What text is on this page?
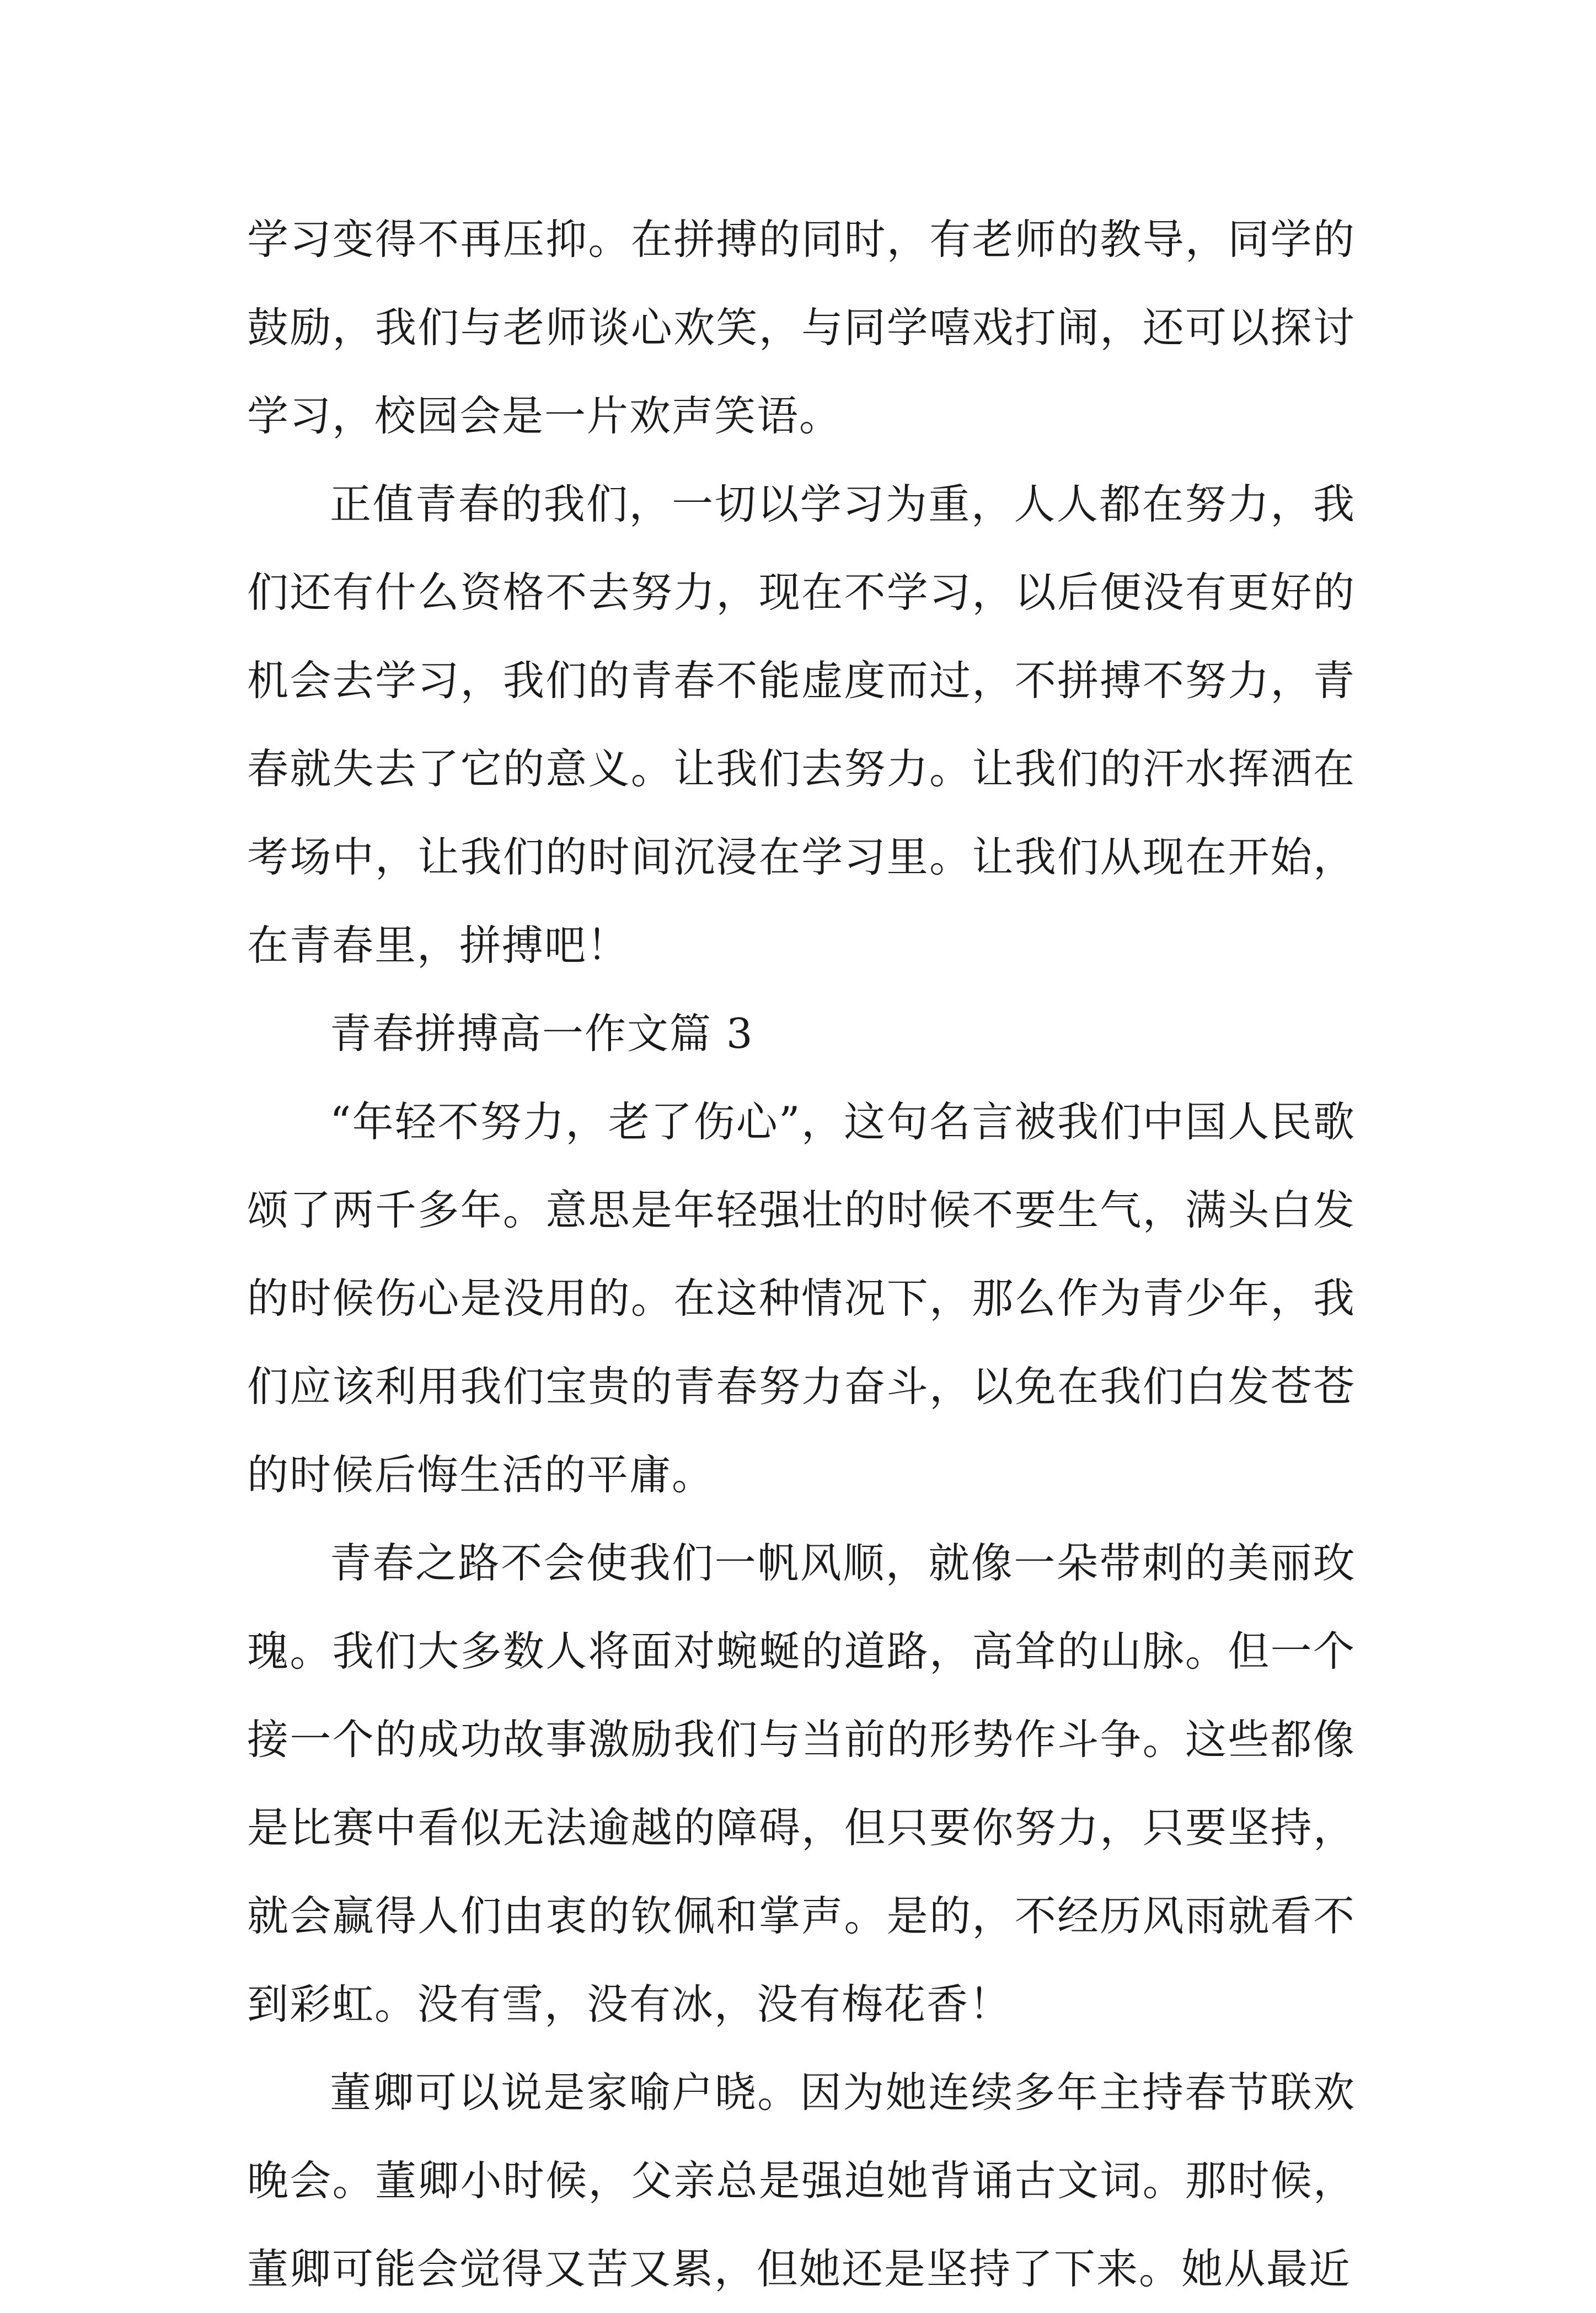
学习变得不再压抑。在拼搏的同时，有老师的教导，同学的鼓励，我们与老师谈心欢笑，与同学嘻戏打闹，还可以探讨学习，校园会是一片欢声笑语。

正值青春的我们，一切以学习为重，人人都在努力，我们还有什么资格不去努力，现在不学习，以后便没有更好的机会去学习，我们的青春不能虚度而过，不拼搏不努力，青春就失去了它的意义。让我们去努力。让我们的汗水挥洒在考场中，让我们的时间沉浸在学习里。让我们从现在开始，在青春里，拼搏吧！

青春拼搏高一作文篇 3

“年轻不努力，老了伤心”，这句名言被我们中国人民歌颂了两千多年。意思是年轻强壮的时候不要生气，满头白发的时候伤心是没用的。在这种情况下，那么作为青少年，我们应该利用我们宝贵的青春努力奋斗，以免在我们白发苍苍的时候后悔生活的平庸。

青春之路不会使我们一帆风顺，就像一朵带刺的美丽玫瑰。我们大多数人将面对蜿蜒的道路，高耸的山脉。但一个接一个的成功故事激励我们与当前的形势作斗争。这些都像是比赛中看似无法逾越的障碍，但只要你努力，只要坚持，就会赢得人们由衷的钦佩和掌声。是的，不经历风雨就看不到彩虹。没有雪，没有冰，没有梅花香！

董卿可以说是家喻户晓。因为她连续多年主持春节联欢晚会。董卿小时候，父亲总是强迫她背诵古文词。那时候，董卿可能会觉得又苦又累，但她还是坚持了下来。她从最近
